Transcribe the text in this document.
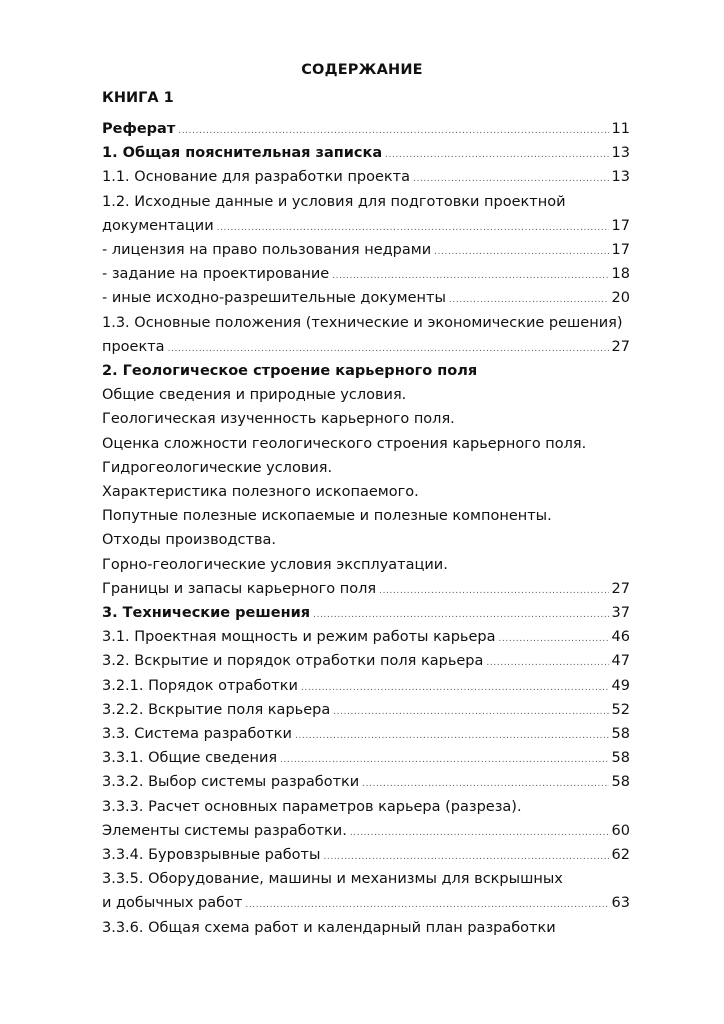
СОДЕРЖАНИЕ
КНИГА 1
Реферат .....	11
1. Общая пояснительная записка .....	13
1.1. Основание для разработки проекта .....	13
1.2. Исходные данные и условия для подготовки проектной
документации .....	17
- лицензия на право пользования недрами .....	17
- задание на проектирование .....	18
- иные исходно-разрешительные документы .....	20
1.3. Основные положения (технические и экономические решения)
проекта .....	27
2. Геологическое строение карьерного поля
Общие сведения и природные условия.
Геологическая изученность карьерного поля.
Оценка сложности геологического строения карьерного поля.
Гидрогеологические условия.
Характеристика полезного ископаемого.
Попутные полезные ископаемые и полезные компоненты.
Отходы производства.
Горно-геологические условия эксплуатации.
Границы и запасы карьерного поля .....	27
3. Технические решения .....	37
3.1. Проектная мощность и режим работы карьера .....	46
3.2. Вскрытие и порядок отработки поля карьера .....	47
3.2.1. Порядок отработки .....	49
3.2.2. Вскрытие поля карьера .....	52
3.3. Система разработки .....	58
3.3.1. Общие сведения .....	58
3.3.2. Выбор системы разработки .....	58
3.3.3. Расчет основных параметров карьера (разреза).
Элементы системы разработки. .....	60
3.3.4. Буровзрывные работы .....	62
3.3.5. Оборудование, машины и механизмы для вскрышных
и добычных работ .....	63
3.3.6. Общая схема работ и календарный план разработки
